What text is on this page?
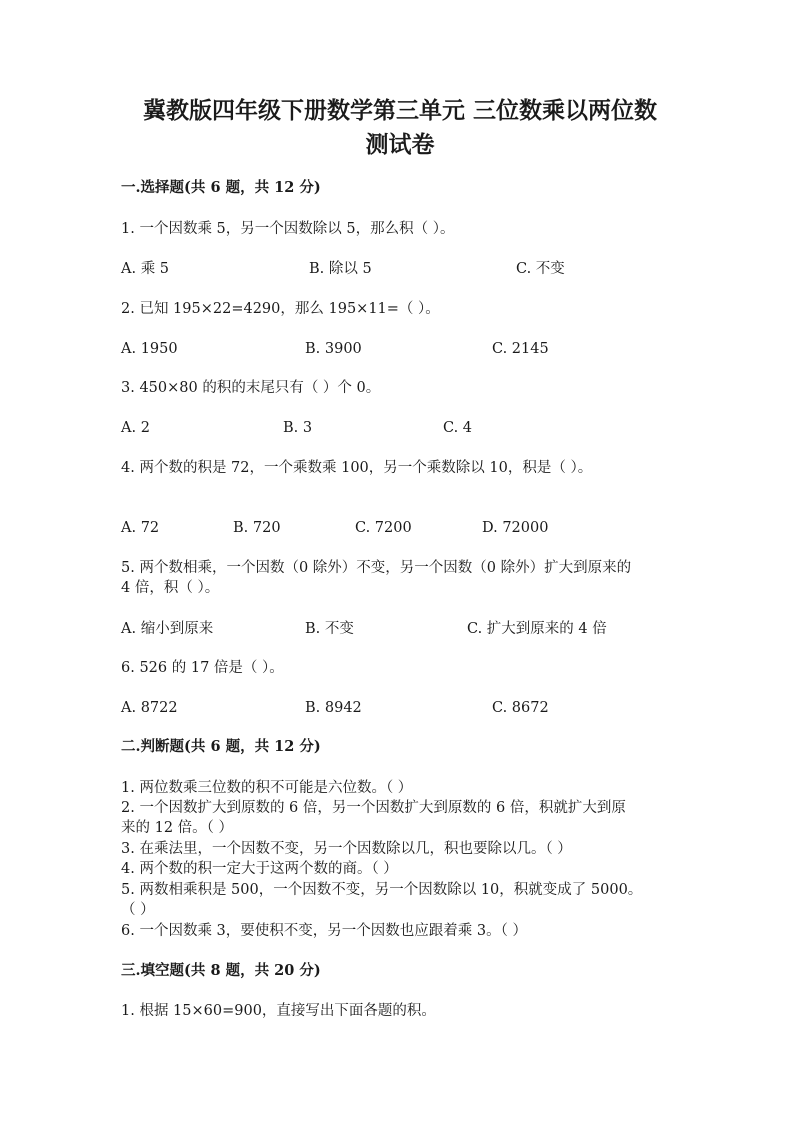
冀教版四年级下册数学第三单元 三位数乘以两位数
测试卷
一.选择题(共 6 题，共 12 分)
1. 一个因数乘 5，另一个因数除以 5，那么积（ ）。
A. 乘 5	B. 除以 5	C. 不变
2. 已知 195×22=4290，那么 195×11=（ ）。
A. 1950	B. 3900	C. 2145
3. 450×80 的积的末尾只有（ ）个 0。
A. 2	B. 3	C. 4
4. 两个数的积是 72，一个乘数乘 100，另一个乘数除以 10，积是（ ）。
A. 72	B. 720	C. 7200	D. 72000
5. 两个数相乘，一个因数（0 除外）不变，另一个因数（0 除外）扩大到原来的
4 倍，积（ ）。
A. 缩小到原来	B. 不变	C. 扩大到原来的 4 倍
6. 526 的 17 倍是（ ）。
A. 8722	B. 8942	C. 8672
二.判断题(共 6 题，共 12 分)
1. 两位数乘三位数的积不可能是六位数。（ ）
2. 一个因数扩大到原数的 6 倍，另一个因数扩大到原数的 6 倍，积就扩大到原
来的 12 倍。（ ）
3. 在乘法里，一个因数不变，另一个因数除以几，积也要除以几。（ ）
4. 两个数的积一定大于这两个数的商。（ ）
5. 两数相乘积是 500，一个因数不变，另一个因数除以 10，积就变成了 5000。
（ ）
6. 一个因数乘 3，要使积不变，另一个因数也应跟着乘 3。（ ）
三.填空题(共 8 题，共 20 分)
1. 根据 15×60=900，直接写出下面各题的积。
